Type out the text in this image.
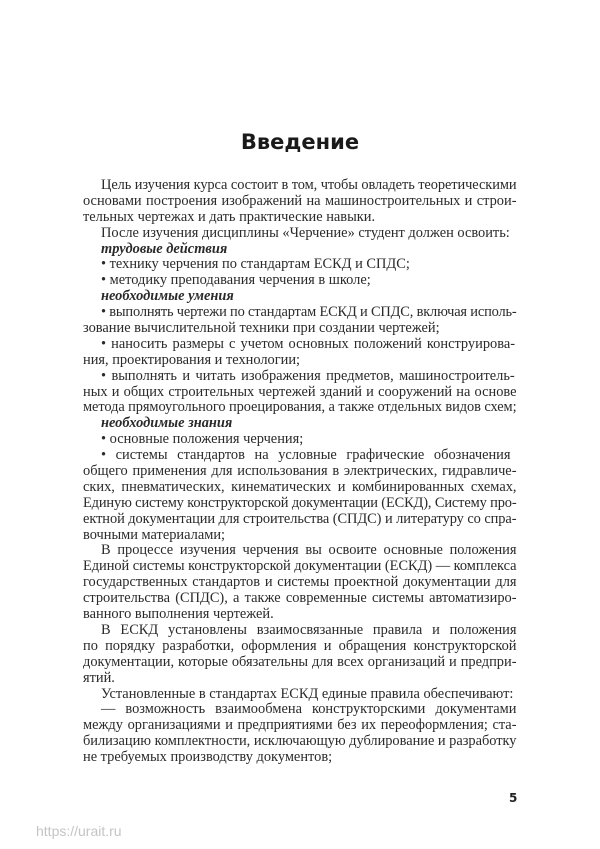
Введение
Цель изучения курса состоит в том, чтобы овладеть теоретическими
основами построения изображений на машиностроительных и строи-
тельных чертежах и дать практические навыки.
После изучения дисциплины «Черчение» студент должен освоить:
трудовые действия
• технику черчения по стандартам ЕСКД и СПДС;
• методику преподавания черчения в школе;
необходимые умения
• выполнять чертежи по стандартам ЕСКД и СПДС, включая исполь-
зование вычислительной техники при создании чертежей;
• наносить размеры с учетом основных положений конструирова-
ния, проектирования и технологии;
• выполнять и читать изображения предметов, машиностроитель-
ных и общих строительных чертежей зданий и сооружений на основе
метода прямоугольного проецирования, а также отдельных видов схем;
необходимые знания
• основные положения черчения;
• системы стандартов на условные графические обозначения
общего применения для использования в электрических, гидравличе-
ских, пневматических, кинематических и комбинированных схемах,
Единую систему конструкторской документации (ЕСКД), Систему про-
ектной документации для строительства (СПДС) и литературу со спра-
вочными материалами;
В процессе изучения черчения вы освоите основные положения
Единой системы конструкторской документации (ЕСКД) — комплекса
государственных стандартов и системы проектной документации для
строительства (СПДС), а также современные системы автоматизиро-
ванного выполнения чертежей.
В ЕСКД установлены взаимосвязанные правила и положения
по порядку разработки, оформления и обращения конструкторской
документации, которые обязательны для всех организаций и предпри-
ятий.
Установленные в стандартах ЕСКД единые правила обеспечивают:
— возможность взаимообмена конструкторскими документами
между организациями и предприятиями без их переоформления; ста-
билизацию комплектности, исключающую дублирование и разработку
не требуемых производству документов;
5
https://urait.ru
